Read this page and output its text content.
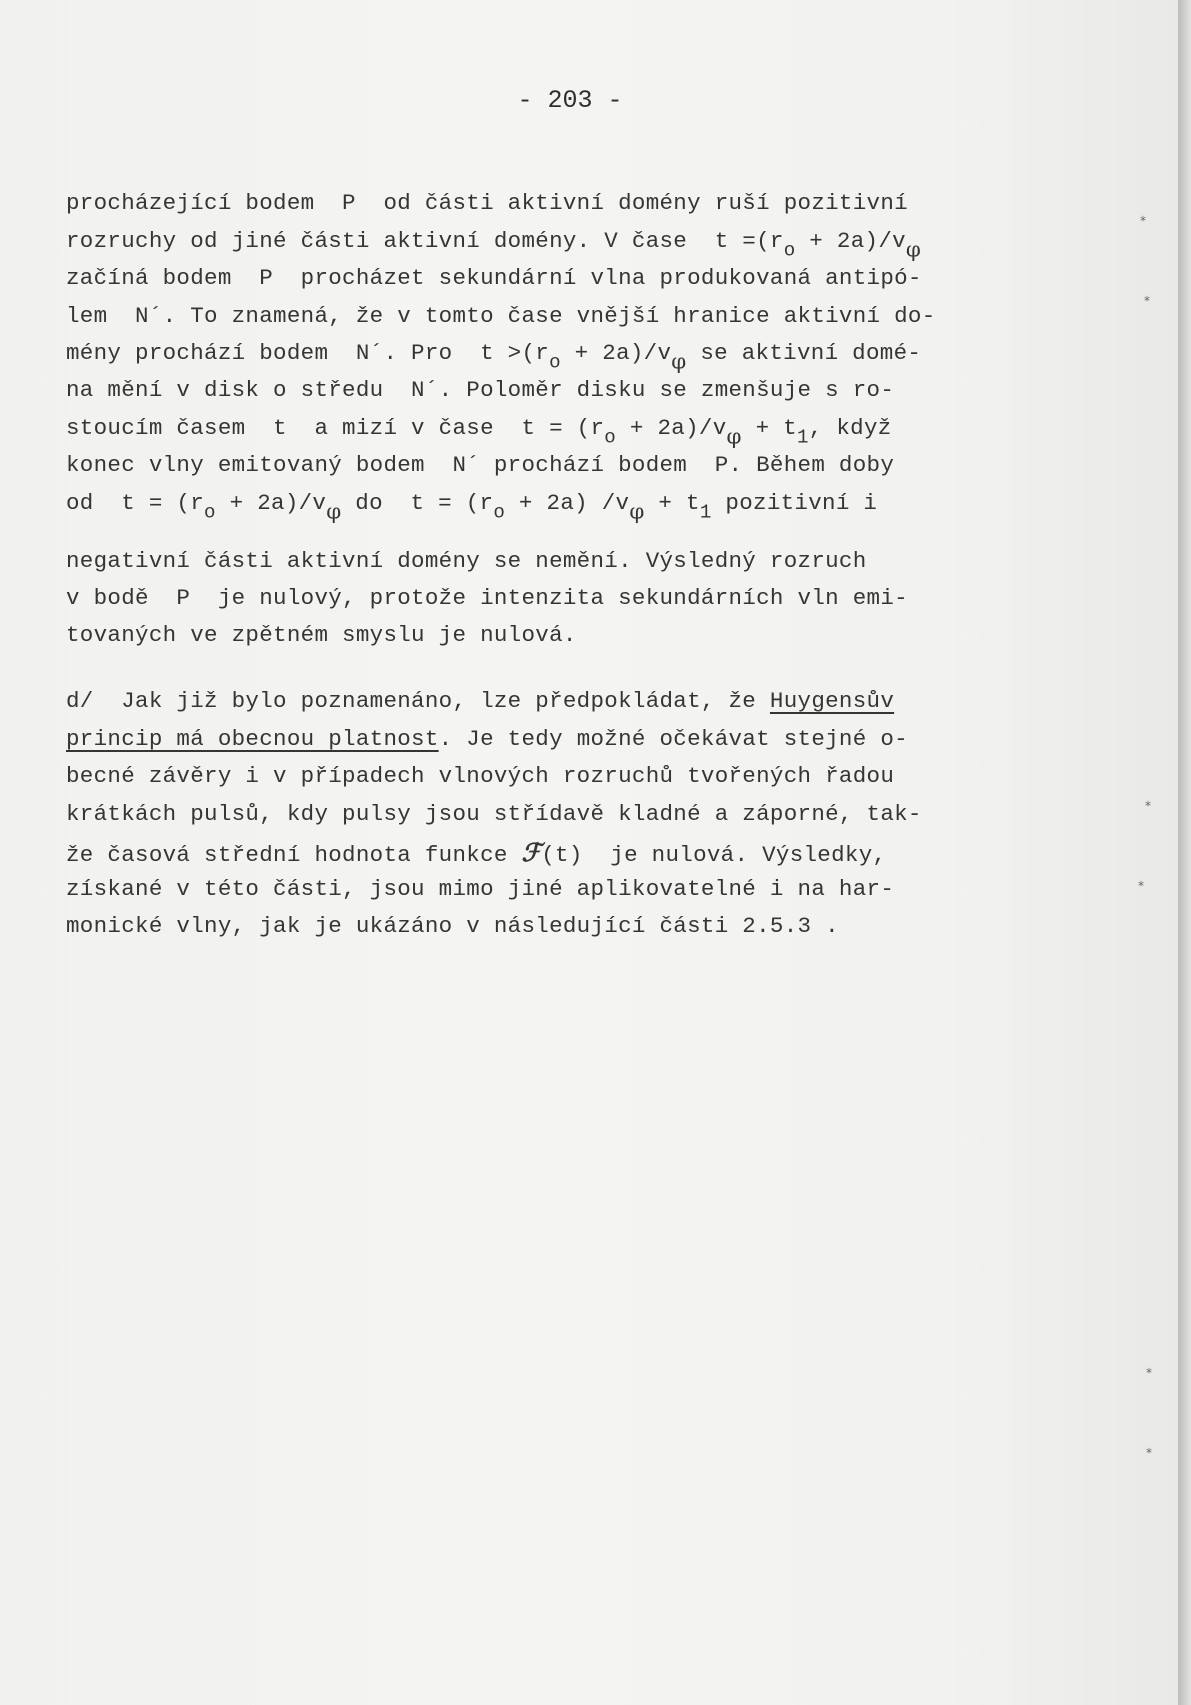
- 203 -
procházející bodem  P  od části aktivní domény ruší pozitivní
rozruchy od jiné části aktivní domény. V čase  $t =(r_o + 2a)/v\varphi$
začíná bodem  P  procházet sekundární vlna produkovaná antipó-
lem  N´. To znamená, že v tomto čase vnější hranice aktivní do-
mény prochází bodem  N´. Pro  $t >(r_o + 2a)/v\varphi$ se aktivní domé-
na mění v disk o středu  N´. Poloměr disku se zmenšuje s ro-
stoucím časem  t  a mizí v čase  $t = (r_o + 2a)/v\varphi + t_1$, když
konec vlny emitovaný bodem  N´ prochází bodem  P. Během doby
od  $t = (r_o + 2a)/v\varphi$ do  $t = (r_o + 2a) /v\varphi + t_1$ pozitivní i
negativní části aktivní domény se nemění. Výsledný rozruch
v bodě  P  je nulový, protože intenzita sekundárních vln emi-
tovaných ve zpětném smyslu je nulová.
d/  Jak již bylo poznamenáno, lze předpokládat, že Huygensův
princip má obecnou platnost. Je tedy možné očekávat stejné o-
becné závěry i v případech vlnových rozruchů tvořených řadou
krátkách pulsů, kdy pulsy jsou střídavě kladné a záporné, tak-
že časová střední hodnota funkce ℱ(t)  je nulová. Výsledky,
získané v této části, jsou mimo jiné aplikovatelné i na har-
monické vlny, jak je ukázáno v následující části 2.5.3 .
⁎
⁎
⁎
⁎
⁎
⁎
